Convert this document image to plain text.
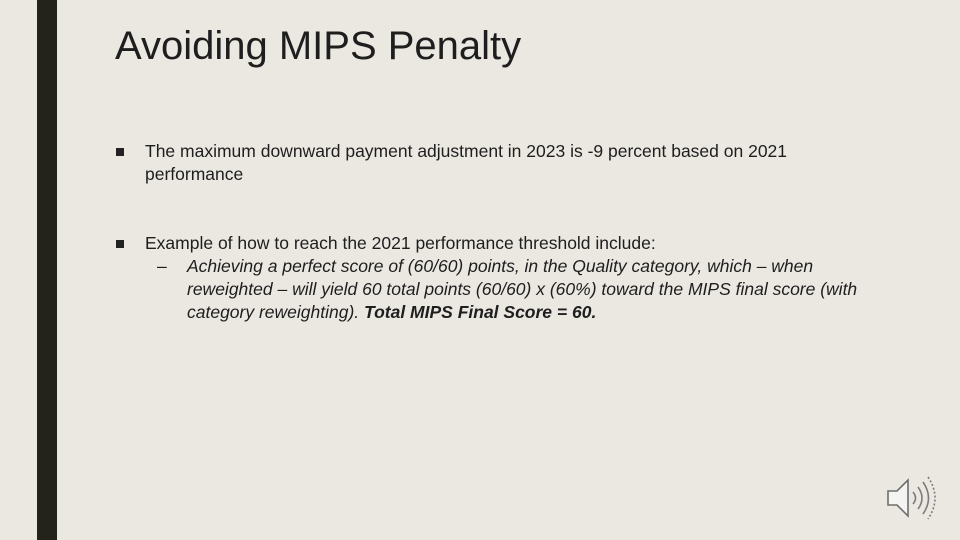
Avoiding MIPS Penalty
The maximum downward payment adjustment in 2023 is -9 percent based on 2021 performance
Example of how to reach the 2021 performance threshold include:
– Achieving a perfect score of (60/60) points, in the Quality category, which – when reweighted – will yield 60 total points (60/60) x (60%) toward the MIPS final score (with category reweighting). Total MIPS Final Score = 60.
